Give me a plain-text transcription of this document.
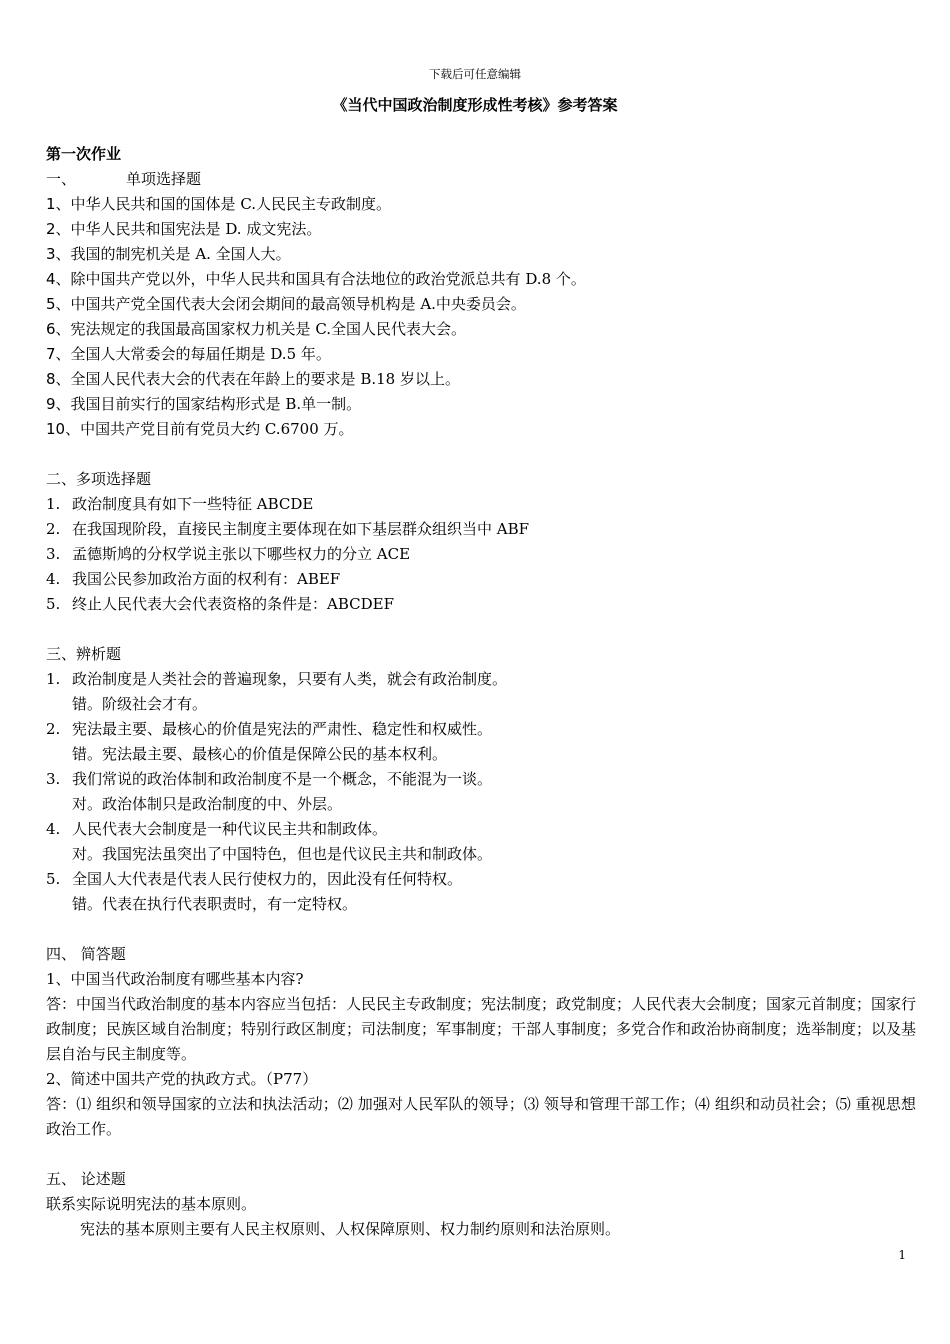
下载后可任意编辑
《当代中国政治制度形成性考核》参考答案
第一次作业
一、	单项选择题
1、中华人民共和国的国体是 C.人民民主专政制度。
2、中华人民共和国宪法是 D. 成文宪法。
3、我国的制宪机关是 A. 全国人大。
4、除中国共产党以外，中华人民共和国具有合法地位的政治党派总共有 D.8 个。
5、中国共产党全国代表大会闭会期间的最高领导机构是 A.中央委员会。
6、宪法规定的我国最高国家权力机关是 C.全国人民代表大会。
7、全国人大常委会的每届任期是 D.5 年。
8、全国人民代表大会的代表在年龄上的要求是 B.18 岁以上。
9、我国目前实行的国家结构形式是 B.单一制。
10、中国共产党目前有党员大约 C.6700 万。
二、多项选择题
1. 政治制度具有如下一些特征 ABCDE
2. 在我国现阶段，直接民主制度主要体现在如下基层群众组织当中 ABF
3. 孟德斯鸠的分权学说主张以下哪些权力的分立 ACE
4. 我国公民参加政治方面的权利有：ABEF
5. 终止人民代表大会代表资格的条件是：ABCDEF
三、辨析题
1. 政治制度是人类社会的普遍现象，只要有人类，就会有政治制度。
错。阶级社会才有。
2. 宪法最主要、最核心的价值是宪法的严肃性、稳定性和权威性。
错。宪法最主要、最核心的价值是保障公民的基本权利。
3. 我们常说的政治体制和政治制度不是一个概念，不能混为一谈。
对。政治体制只是政治制度的中、外层。
4. 人民代表大会制度是一种代议民主共和制政体。
对。我国宪法虽突出了中国特色，但也是代议民主共和制政体。
5. 全国人大代表是代表人民行使权力的，因此没有任何特权。
错。代表在执行代表职责时，有一定特权。
四、 简答题
1、中国当代政治制度有哪些基本内容?
答：中国当代政治制度的基本内容应当包括：人民民主专政制度；宪法制度；政党制度；人民代表大会制度；国家元首制度；国家行政制度；民族区域自治制度；特别行政区制度；司法制度；军事制度；干部人事制度；多党合作和政治协商制度；选举制度；以及基层自治与民主制度等。
2、简述中国共产党的执政方式。（P77）
答：⑴ 组织和领导国家的立法和执法活动；⑵ 加强对人民军队的领导；⑶ 领导和管理干部工作；⑷ 组织和动员社会；⑸ 重视思想政治工作。
五、 论述题
联系实际说明宪法的基本原则。
宪法的基本原则主要有人民主权原则、人权保障原则、权力制约原则和法治原则。
1
